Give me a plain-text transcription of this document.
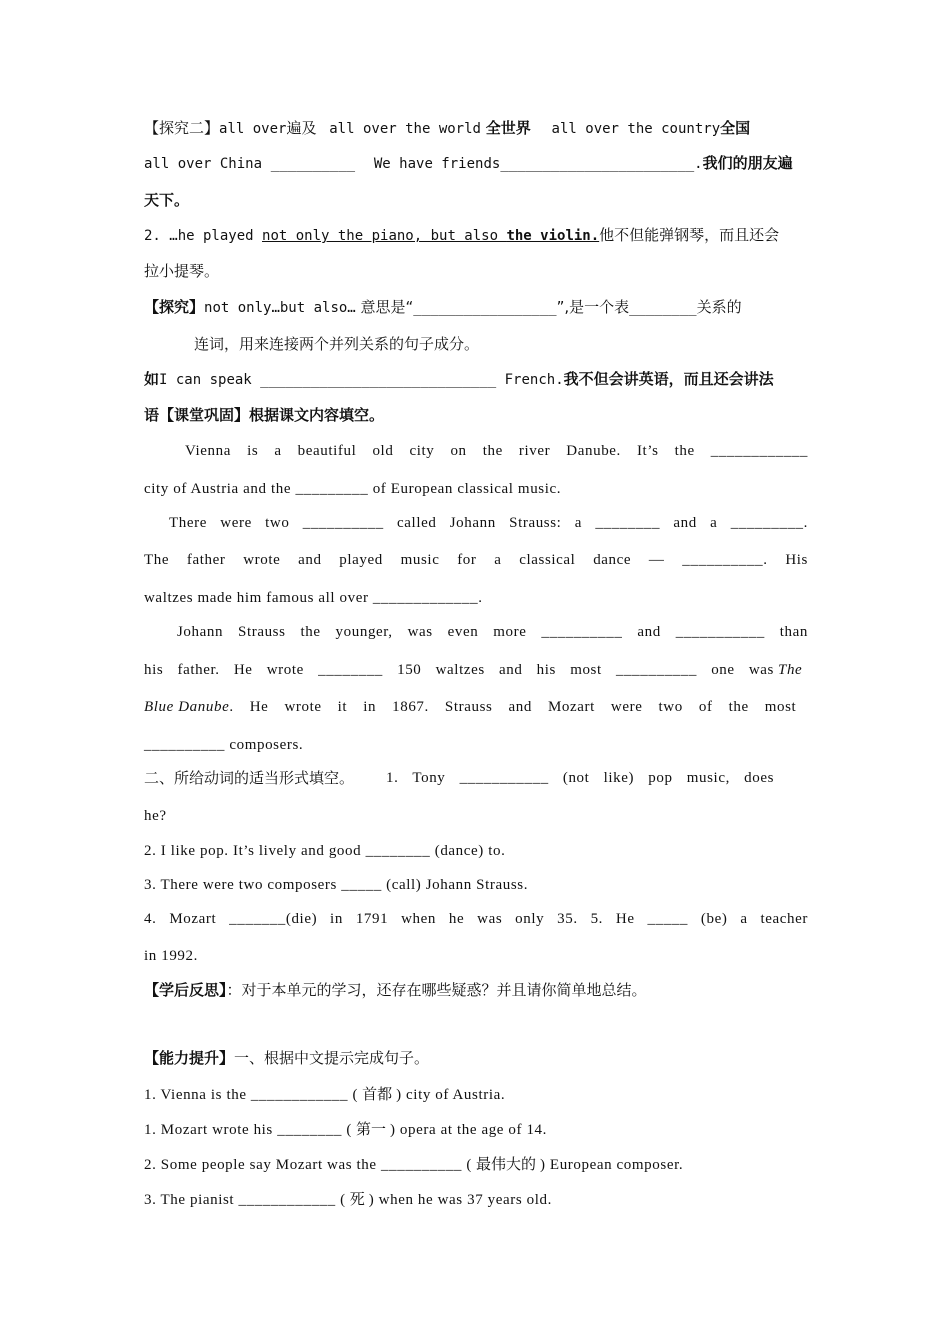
【探究二】all over遍及 all over the world 全世界 all over the country全国
all over China __________ We have friends_______________________.我们的朋友遍
天下。
2. …he played not only the piano, but also the violin.他不但能弹钢琴，而且还会
拉小提琴。
【探究】not only…but also… 意思是“_________________”,是一个表________关系的
连词，用来连接两个并列关系的句子成分。
如I can speak ____________________________ French.我不但会讲英语，而且还会讲法
语【课堂巩固】根据课文内容填空。
Vienna is a beautiful old city on the river Danube. It’s the ____________
city of Austria and the _________ of European classical music.
There were two __________ called Johann Strauss: a ________ and a _________.
The father wrote and played music for a classical dance — __________. His
waltzes made him famous all over _____________.
Johann Strauss the younger, was even more __________ and ___________ than
his father. He wrote ________ 150 waltzes and his most __________ one was The
Blue Danube. He wrote it in 1867. Strauss and Mozart were two of the most
__________ composers.
二、所给动词的适当形式填空。 1. Tony ___________ (not like) pop music, does
he?
2. I like pop. It’s lively and good ________ (dance) to.
3. There were two composers _____ (call) Johann Strauss.
4. Mozart _______(die) in 1791 when he was only 35. 5. He _____ (be) a teacher
in 1992.
【学后反思】：对于本单元的学习，还存在哪些疑惑？并且请你简单地总结。
【能力提升】一、根据中文提示完成句子。
1. Vienna is the ____________ ( 首都 ) city of Austria.
1. Mozart wrote his ________ ( 第一 ) opera at the age of 14.
2. Some people say Mozart was the __________ ( 最伟大的 ) European composer.
3. The pianist ____________ ( 死 ) when he was 37 years old.
